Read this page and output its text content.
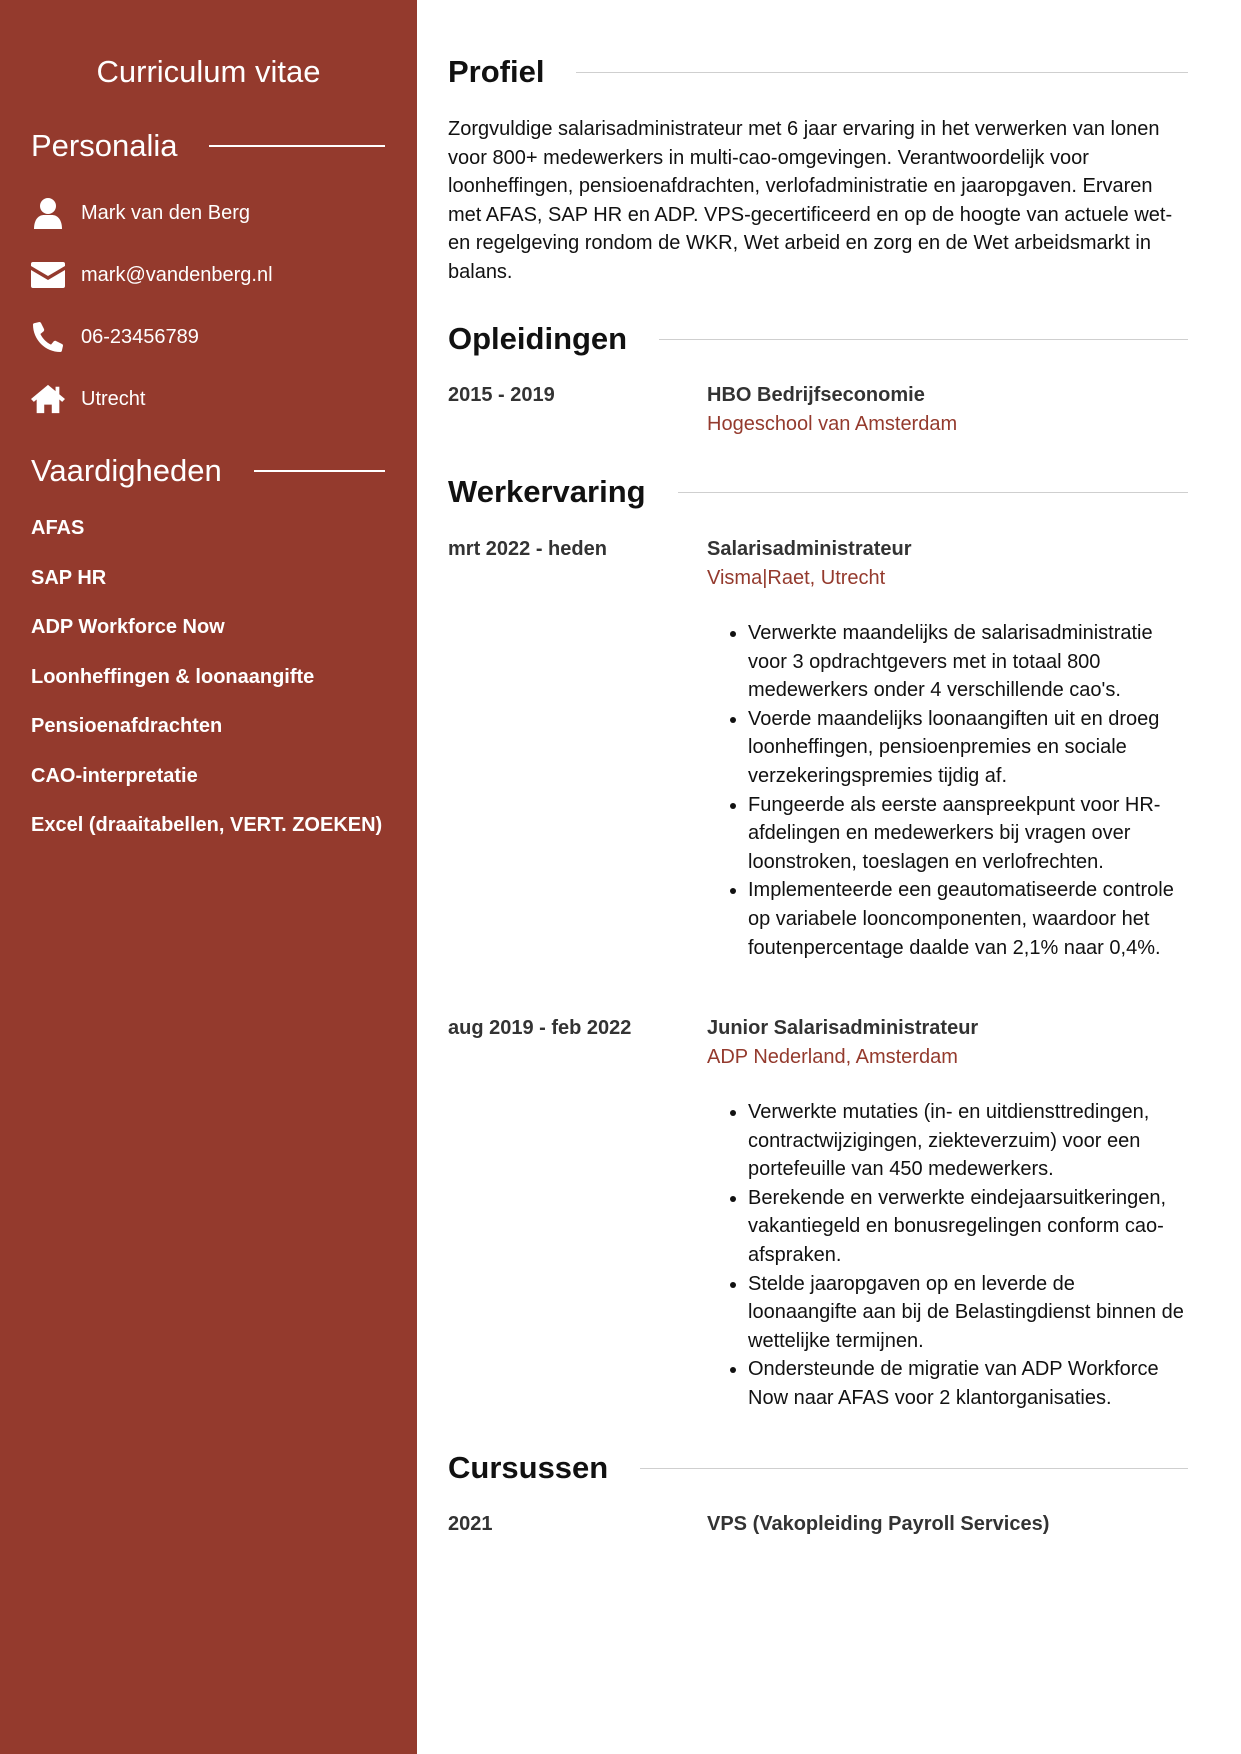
Curriculum vitae
Personalia
Mark van den Berg
mark@vandenberg.nl
06-23456789
Utrecht
Vaardigheden
AFAS
SAP HR
ADP Workforce Now
Loonheffingen & loonaangifte
Pensioenafdrachten
CAO-interpretatie
Excel (draaitabellen, VERT. ZOEKEN)
Profiel

Zorgvuldige salarisadministrateur met 6 jaar ervaring in het verwerken van lonen voor 800+ medewerkers in multi-cao-omgevingen. Verantwoordelijk voor loonheffingen, pensioenafdrachten, verlofadministratie en jaaropgaven. Ervaren met AFAS, SAP HR en ADP. VPS-gecertificeerd en op de hoogte van actuele wet- en regelgeving rondom de WKR, Wet arbeid en zorg en de Wet arbeidsmarkt in balans.

Opleidingen
2015 - 2019	HBO Bedrijfseconomie
Hogeschool van Amsterdam
Werkervaring
mrt 2022 - heden	Salarisadministrateur
Visma|Raet, Utrecht
• Verwerkte maandelijks de salarisadministratie voor 3 opdrachtgevers met in totaal 800 medewerkers onder 4 verschillende cao's.
• Voerde maandelijks loonaangiften uit en droeg loonheffingen, pensioenpremies en sociale verzekeringspremies tijdig af.
• Fungeerde als eerste aanspreekpunt voor HR-afdelingen en medewerkers bij vragen over loonstroken, toeslagen en verlofrechten.
• Implementeerde een geautomatiseerde controle op variabele looncomponenten, waardoor het foutenpercentage daalde van 2,1% naar 0,4%.
aug 2019 - feb 2022	Junior Salarisadministrateur
ADP Nederland, Amsterdam
• Verwerkte mutaties (in- en uitdiensttredingen, contractwijzigingen, ziekteverzuim) voor een portefeuille van 450 medewerkers.
• Berekende en verwerkte eindejaarsuitkeringen, vakantiegeld en bonusregelingen conform cao-afspraken.
• Stelde jaaropgaven op en leverde de loonaangifte aan bij de Belastingdienst binnen de wettelijke termijnen.
• Ondersteunde de migratie van ADP Workforce Now naar AFAS voor 2 klantorganisaties.
Cursussen
2021	VPS (Vakopleiding Payroll Services)
